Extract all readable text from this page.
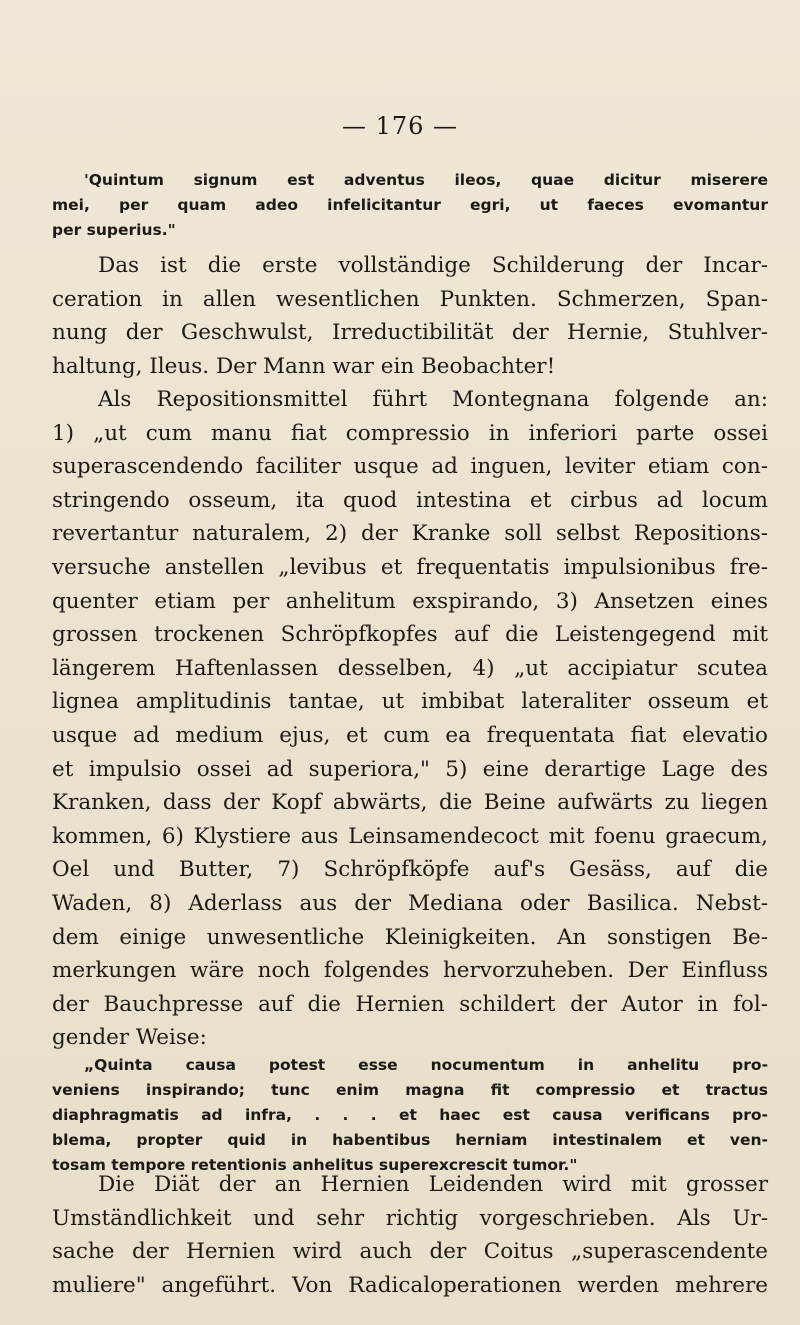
— 176 —
'Quintum signum est adventus ileos, quae dicitur miserere
mei, per quam adeo infelicitantur egri, ut faeces evomantur
per superius."
Das ist die erste vollständige Schilderung der Incar-
ceration in allen wesentlichen Punkten. Schmerzen, Span-
nung der Geschwulst, Irreductibilität der Hernie, Stuhlver-
haltung, Ileus. Der Mann war ein Beobachter!
Als Repositionsmittel führt Montegnana folgende an:
1) „ut cum manu fiat compressio in inferiori parte ossei
superascendendo faciliter usque ad inguen, leviter etiam con-
stringendo osseum, ita quod intestina et cirbus ad locum
revertantur naturalem, 2) der Kranke soll selbst Repositions-
versuche anstellen „levibus et frequentatis impulsionibus fre-
quenter etiam per anhelitum exspirando, 3) Ansetzen eines
grossen trockenen Schröpfkopfes auf die Leistengegend mit
längerem Haftenlassen desselben, 4) „ut accipiatur scutea
lignea amplitudinis tantae, ut imbibat lateraliter osseum et
usque ad medium ejus, et cum ea frequentata fiat elevatio
et impulsio ossei ad superiora," 5) eine derartige Lage des
Kranken, dass der Kopf abwärts, die Beine aufwärts zu liegen
kommen, 6) Klystiere aus Leinsamendecoct mit foenu graecum,
Oel und Butter, 7) Schröpfköpfe auf's Gesäss, auf die
Waden, 8) Aderlass aus der Mediana oder Basilica. Nebst-
dem einige unwesentliche Kleinigkeiten. An sonstigen Be-
merkungen wäre noch folgendes hervorzuheben. Der Einfluss
der Bauchpresse auf die Hernien schildert der Autor in fol-
gender Weise:
„Quinta causa potest esse nocumentum in anhelitu pro-
veniens inspirando; tunc enim magna fit compressio et tractus
diaphragmatis ad infra, . . . et haec est causa verificans pro-
blema, propter quid in habentibus herniam intestinalem et ven-
tosam tempore retentionis anhelitus superexcrescit tumor."
Die Diät der an Hernien Leidenden wird mit grosser
Umständlichkeit und sehr richtig vorgeschrieben. Als Ur-
sache der Hernien wird auch der Coitus „superascendente
muliere" angeführt. Von Radicaloperationen werden mehrere
